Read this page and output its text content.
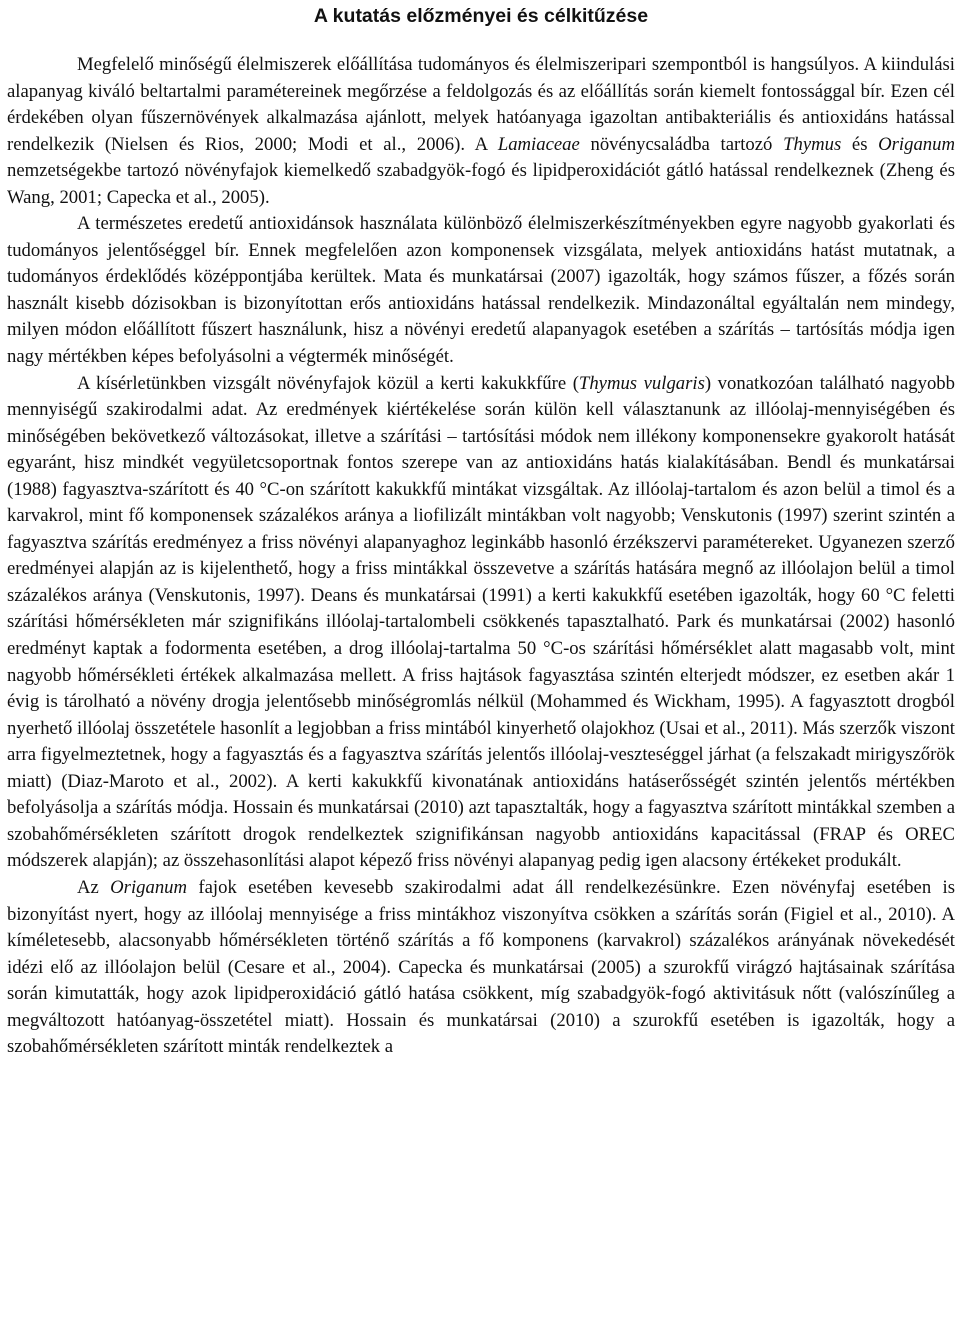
A kutatás előzményei és célkitűzése

Megfelelő minőségű élelmiszerek előállítása tudományos és élelmiszeripari szempontból is hangsúlyos. A kiindulási alapanyag kiváló beltartalmi paramétereinek megőrzése a feldolgozás és az előállítás során kiemelt fontossággal bír. Ezen cél érdekében olyan fűszernövények alkalmazása ajánlott, melyek hatóanyaga igazoltan antibakteriális és antioxidáns hatással rendelkezik (Nielsen és Rios, 2000; Modi et al., 2006). A Lamiaceae növénycsaládba tartozó Thymus és Origanum nemzetségekbe tartozó növényfajok kiemelkedő szabadgyök-fogó és lipidperoxidációt gátló hatással rendelkeznek (Zheng és Wang, 2001; Capecka et al., 2005).

A természetes eredetű antioxidánsok használata különböző élelmiszerkészítményekben egyre nagyobb gyakorlati és tudományos jelentőséggel bír. Ennek megfelelően azon komponensek vizsgálata, melyek antioxidáns hatást mutatnak, a tudományos érdeklődés középpontjába kerültek. Mata és munkatársai (2007) igazolták, hogy számos fűszer, a főzés során használt kisebb dózisokban is bizonyítottan erős antioxidáns hatással rendelkezik. Mindazonáltal egyáltalán nem mindegy, milyen módon előállított fűszert használunk, hisz a növényi eredetű alapanyagok esetében a szárítás – tartósítás módja igen nagy mértékben képes befolyásolni a végtermék minőségét.

A kísérletünkben vizsgált növényfajok közül a kerti kakukkfűre (Thymus vulgaris) vonatkozóan található nagyobb mennyiségű szakirodalmi adat. Az eredmények kiértékelése során külön kell választanunk az illóolaj-mennyiségében és minőségében bekövetkező változásokat, illetve a szárítási – tartósítási módok nem illékony komponensekre gyakorolt hatását egyaránt, hisz mindkét vegyületcsoportnak fontos szerepe van az antioxidáns hatás kialakításában. Bendl és munkatársai (1988) fagyasztva-szárított és 40 °C-on szárított kakukkfű mintákat vizsgáltak. Az illóolaj-tartalom és azon belül a timol és a karvakrol, mint fő komponensek százalékos aránya a liofilizált mintákban volt nagyobb; Venskutonis (1997) szerint szintén a fagyasztva szárítás eredményez a friss növényi alapanyaghoz leginkább hasonló érzékszervi paramétereket. Ugyanezen szerző eredményei alapján az is kijelenthető, hogy a friss mintákkal összevetve a szárítás hatására megnő az illóolajon belül a timol százalékos aránya (Venskutonis, 1997). Deans és munkatársai (1991) a kerti kakukkfű esetében igazolták, hogy 60 °C feletti szárítási hőmérsékleten már szignifikáns illóolaj-tartalombeli csökkenés tapasztalható. Park és munkatársai (2002) hasonló eredményt kaptak a fodormenta esetében, a drog illóolaj-tartalma 50 °C-os szárítási hőmérséklet alatt magasabb volt, mint nagyobb hőmérsékleti értékek alkalmazása mellett. A friss hajtások fagyasztása szintén elterjedt módszer, ez esetben akár 1 évig is tárolható a növény drogja jelentősebb minőségromlás nélkül (Mohammed és Wickham, 1995). A fagyasztott drogból nyerhető illóolaj összetétele hasonlít a legjobban a friss mintából kinyerhető olajokhoz (Usai et al., 2011). Más szerzők viszont arra figyelmeztetnek, hogy a fagyasztás és a fagyasztva szárítás jelentős illóolaj-veszteséggel járhat (a felszakadt mirigyszőrök miatt) (Diaz-Maroto et al., 2002). A kerti kakukkfű kivonatának antioxidáns hatáserősségét szintén jelentős mértékben befolyásolja a szárítás módja. Hossain és munkatársai (2010) azt tapasztalták, hogy a fagyasztva szárított mintákkal szemben a szobahőmérsékleten szárított drogok rendelkeztek szignifikánsan nagyobb antioxidáns kapacitással (FRAP és OREC módszerek alapján); az összehasonlítási alapot képező friss növényi alapanyag pedig igen alacsony értékeket produkált.

Az Origanum fajok esetében kevesebb szakirodalmi adat áll rendelkezésünkre. Ezen növényfaj esetében is bizonyítást nyert, hogy az illóolaj mennyisége a friss mintákhoz viszonyítva csökken a szárítás során (Figiel et al., 2010). A kíméletesebb, alacsonyabb hőmérsékleten történő szárítás a fő komponens (karvakrol) százalékos arányának növekedését idézi elő az illóolajon belül (Cesare et al., 2004). Capecka és munkatársai (2005) a szurokfű virágzó hajtásainak szárítása során kimutatták, hogy azok lipidperoxidáció gátló hatása csökkent, míg szabadgyök-fogó aktivitásuk nőtt (valószínűleg a megváltozott hatóanyag-összetétel miatt). Hossain és munkatársai (2010) a szurokfű esetében is igazolták, hogy a szobahőmérsékleten szárított minták rendelkeztek a
